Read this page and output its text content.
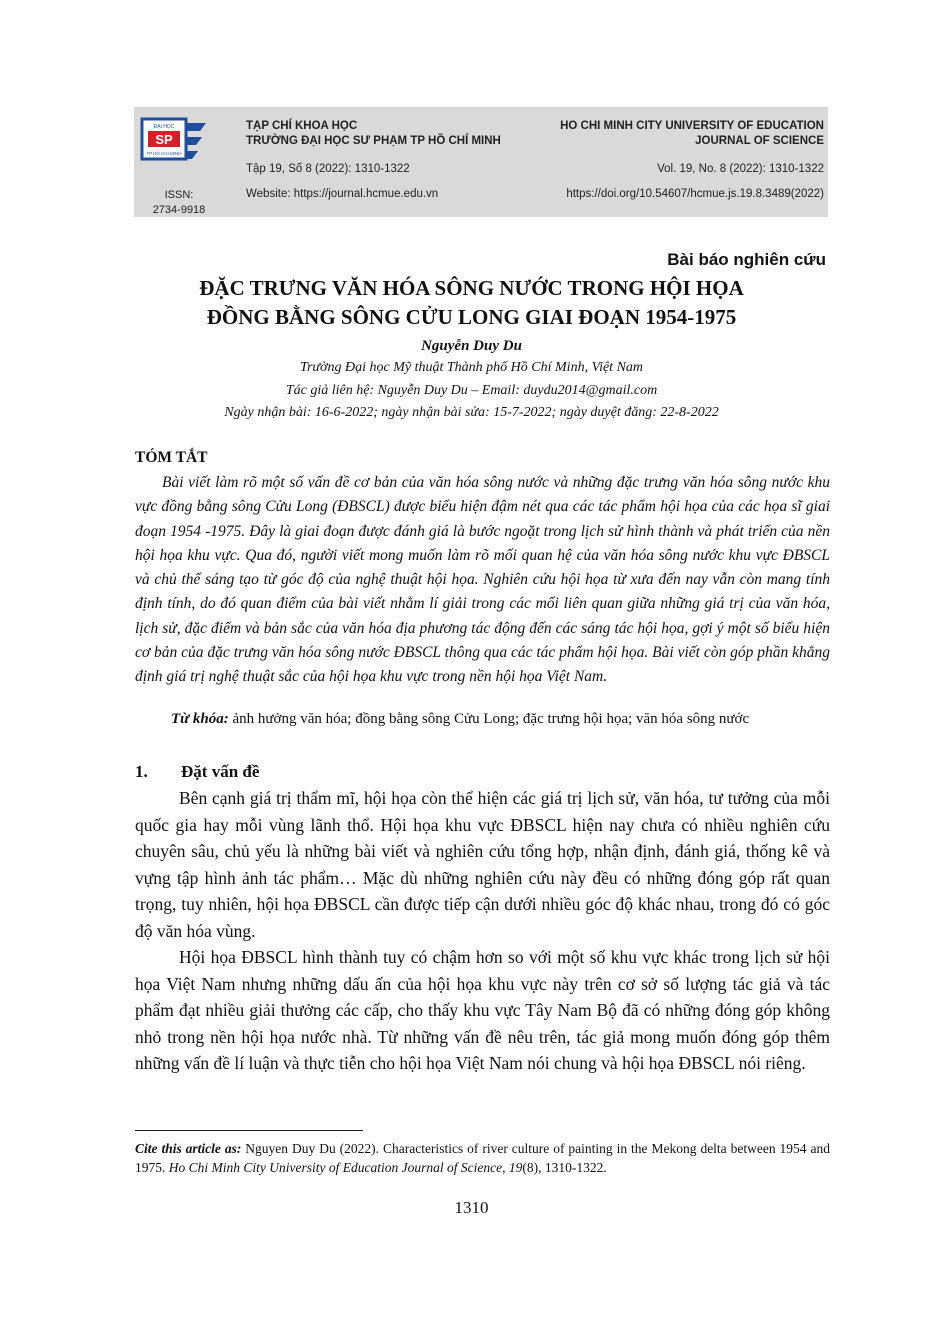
ĐẠI HỌC
SP
TP.HỒ CHÍ MINH
ISSN:
2734-9918
TẠP CHÍ KHOA HỌC
TRƯỜNG ĐẠI HỌC SƯ PHẠM TP HỒ CHÍ MINH
Tập 19, Số 8 (2022): 1310-1322
Website: https://journal.hcmue.edu.vn
HO CHI MINH CITY UNIVERSITY OF EDUCATION
JOURNAL OF SCIENCE
Vol. 19, No. 8 (2022): 1310-1322
https://doi.org/10.54607/hcmue.js.19.8.3489(2022)
Bài báo nghiên cứu
ĐẶC TRƯNG VĂN HÓA SÔNG NƯỚC TRONG HỘI HỌA
ĐỒNG BẰNG SÔNG CỬU LONG GIAI ĐOẠN 1954-1975
Nguyễn Duy Du
Trường Đại học Mỹ thuật Thành phố Hồ Chí Minh, Việt Nam
Tác giả liên hệ: Nguyễn Duy Du – Email: duydu2014@gmail.com
Ngày nhận bài: 16-6-2022; ngày nhận bài sửa: 15-7-2022; ngày duyệt đăng: 22-8-2022
TÓM TẮT

Bài viết làm rõ một số vấn đề cơ bản của văn hóa sông nước và những đặc trưng văn hóa sông nước khu vực đồng bằng sông Cửu Long (ĐBSCL) được biểu hiện đậm nét qua các tác phẩm hội họa của các họa sĩ giai đoạn 1954 -1975. Đây là giai đoạn được đánh giá là bước ngoặt trong lịch sử hình thành và phát triển của nền hội họa khu vực. Qua đó, người viết mong muốn làm rõ mối quan hệ của văn hóa sông nước khu vực ĐBSCL và chủ thể sáng tạo từ góc độ của nghệ thuật hội họa. Nghiên cứu hội họa từ xưa đến nay vẫn còn mang tính định tính, do đó quan điểm của bài viết nhằm lí giải trong các mối liên quan giữa những giá trị của văn hóa, lịch sử, đặc điểm và bản sắc của văn hóa địa phương tác động đến các sáng tác hội họa, gợi ý một số biểu hiện cơ bản của đặc trưng văn hóa sông nước ĐBSCL thông qua các tác phẩm hội họa. Bài viết còn góp phần khẳng định giá trị nghệ thuật sắc của hội họa khu vực trong nền hội họa Việt Nam.

Từ khóa: ảnh hưởng văn hóa; đồng bằng sông Cửu Long; đặc trưng hội họa; văn hóa sông nước
1. Đặt vấn đề

Bên cạnh giá trị thẩm mĩ, hội họa còn thể hiện các giá trị lịch sử, văn hóa, tư tưởng của mỗi quốc gia hay mỗi vùng lãnh thổ. Hội họa khu vực ĐBSCL hiện nay chưa có nhiều nghiên cứu chuyên sâu, chủ yếu là những bài viết và nghiên cứu tổng hợp, nhận định, đánh giá, thống kê và vựng tập hình ảnh tác phẩm… Mặc dù những nghiên cứu này đều có những đóng góp rất quan trọng, tuy nhiên, hội họa ĐBSCL cần được tiếp cận dưới nhiều góc độ khác nhau, trong đó có góc độ văn hóa vùng.

Hội họa ĐBSCL hình thành tuy có chậm hơn so với một số khu vực khác trong lịch sử hội họa Việt Nam nhưng những dấu ấn của hội họa khu vực này trên cơ sở số lượng tác giả và tác phẩm đạt nhiều giải thưởng các cấp, cho thấy khu vực Tây Nam Bộ đã có những đóng góp không nhỏ trong nền hội họa nước nhà. Từ những vấn đề nêu trên, tác giả mong muốn đóng góp thêm những vấn đề lí luận và thực tiễn cho hội họa Việt Nam nói chung và hội họa ĐBSCL nói riêng.

Cite this article as: Nguyen Duy Du (2022). Characteristics of river culture of painting in the Mekong delta between 1954 and 1975. Ho Chi Minh City University of Education Journal of Science, 19(8), 1310-1322.

1310
